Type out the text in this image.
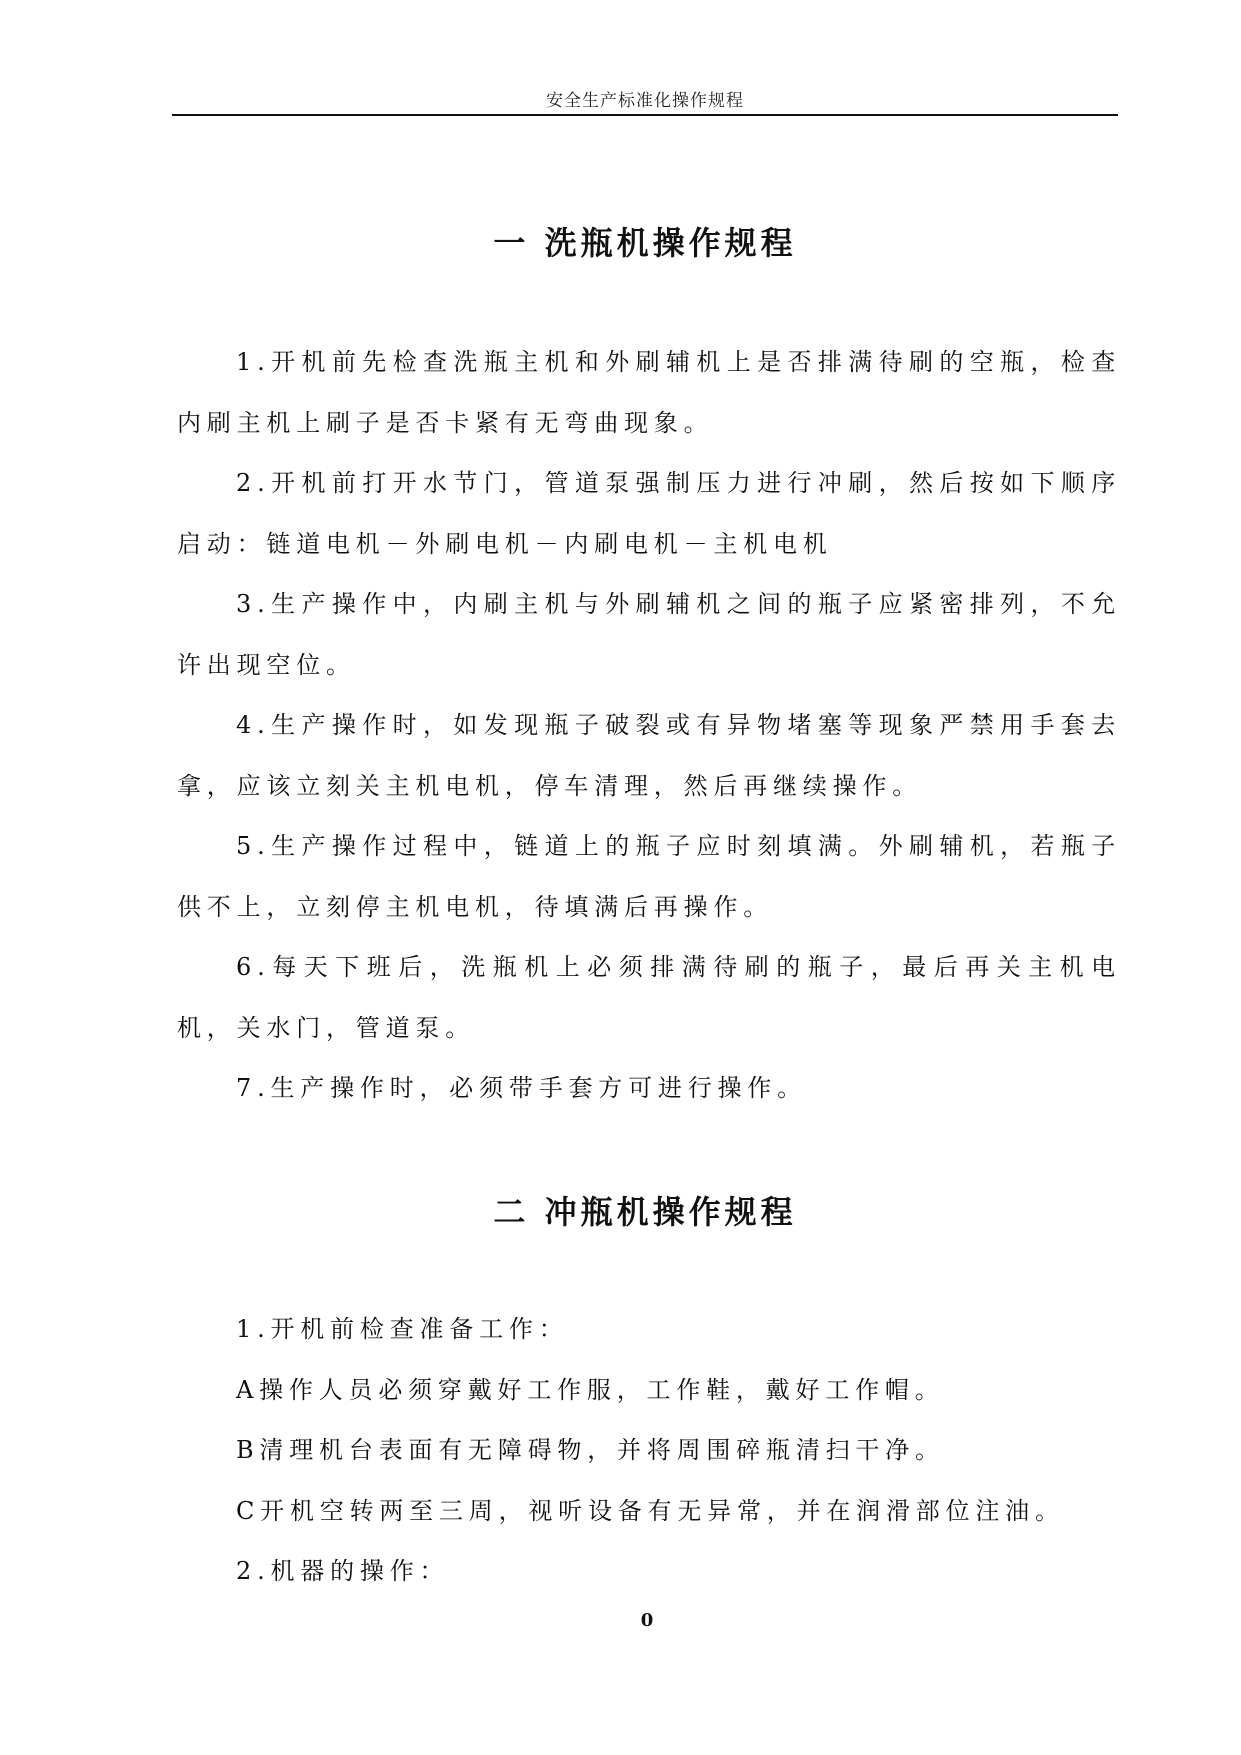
安全生产标准化操作规程
一 洗瓶机操作规程

1.开机前先检查洗瓶主机和外刷辅机上是否排满待刷的空瓶，检查内刷主机上刷子是否卡紧有无弯曲现象。

2.开机前打开水节门，管道泵强制压力进行冲刷，然后按如下顺序启动：链道电机－外刷电机－内刷电机－主机电机

3.生产操作中，内刷主机与外刷辅机之间的瓶子应紧密排列，不允许出现空位。

4.生产操作时，如发现瓶子破裂或有异物堵塞等现象严禁用手套去拿，应该立刻关主机电机，停车清理，然后再继续操作。

5.生产操作过程中，链道上的瓶子应时刻填满。外刷辅机，若瓶子供不上，立刻停主机电机，待填满后再操作。

6.每天下班后，洗瓶机上必须排满待刷的瓶子，最后再关主机电机，关水门，管道泵。

7.生产操作时，必须带手套方可进行操作。

二 冲瓶机操作规程

1.开机前检查准备工作：

A操作人员必须穿戴好工作服，工作鞋，戴好工作帽。

B清理机台表面有无障碍物，并将周围碎瓶清扫干净。

C开机空转两至三周，视听设备有无异常，并在润滑部位注油。

2.机器的操作：

0
